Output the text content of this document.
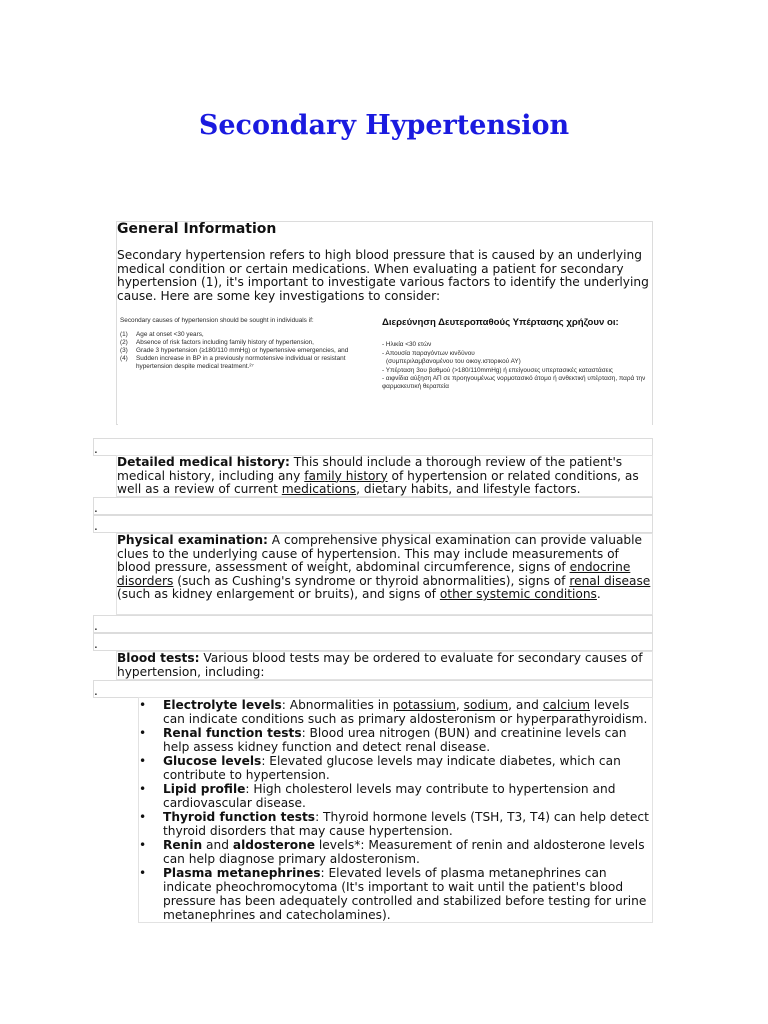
Secondary Hypertension
General Information

Secondary hypertension refers to high blood pressure that is caused by an underlying medical condition or certain medications. When evaluating a patient for secondary hypertension (1), it's important to investigate various factors to identify the underlying cause. Here are some key investigations to consider:

Secondary causes of hypertension should be sought in individuals if:
(1) Age at onset <30 years,
(2) Absence of risk factors including family history of hypertension,
(3) Grade 3 hypertension (≥180/110 mmHg) or hypertensive emergencies, and
(4) Sudden increase in BP in a previously normotensive individual or resistant hypertension despite medical treatment.²⁷
Διερεύνηση Δευτεροπαθούς Υπέρτασης χρήζουν οι:
- Ηλικία <30 ετών
- Απουσία παραγόντων κινδύνου
(συμπεριλαμβανομένου του οικογ.ιστορικού ΑΥ)
- Υπέρταση 3ου βαθμού (>180/110mmHg) ή επείγουσες υπερτασικές καταστάσεις
- αιφνίδια αύξηση ΑΠ σε προηγουμένως νορμοτασικό άτομο ή ανθεκτική υπέρταση, παρά την φαρμακευτική θεραπεία
.

Detailed medical history: This should include a thorough review of the patient's medical history, including any family history of hypertension or related conditions, as well as a review of current medications, dietary habits, and lifestyle factors.

.
.

Physical examination: A comprehensive physical examination can provide valuable clues to the underlying cause of hypertension. This may include measurements of blood pressure, assessment of weight, abdominal circumference, signs of endocrine disorders (such as Cushing's syndrome or thyroid abnormalities), signs of renal disease (such as kidney enlargement or bruits), and signs of other systemic conditions.

.
.

Blood tests: Various blood tests may be ordered to evaluate for secondary causes of hypertension, including:

.
• Electrolyte levels: Abnormalities in potassium, sodium, and calcium levels can indicate conditions such as primary aldosteronism or hyperparathyroidism.
• Renal function tests: Blood urea nitrogen (BUN) and creatinine levels can help assess kidney function and detect renal disease.
• Glucose levels: Elevated glucose levels may indicate diabetes, which can contribute to hypertension.
• Lipid profile: High cholesterol levels may contribute to hypertension and cardiovascular disease.
• Thyroid function tests: Thyroid hormone levels (TSH, T3, T4) can help detect thyroid disorders that may cause hypertension.
• Renin and aldosterone levels*: Measurement of renin and aldosterone levels can help diagnose primary aldosteronism.
• Plasma metanephrines: Elevated levels of plasma metanephrines can indicate pheochromocytoma (It's important to wait until the patient's blood pressure has been adequately controlled and stabilized before testing for urine metanephrines and catecholamines).
